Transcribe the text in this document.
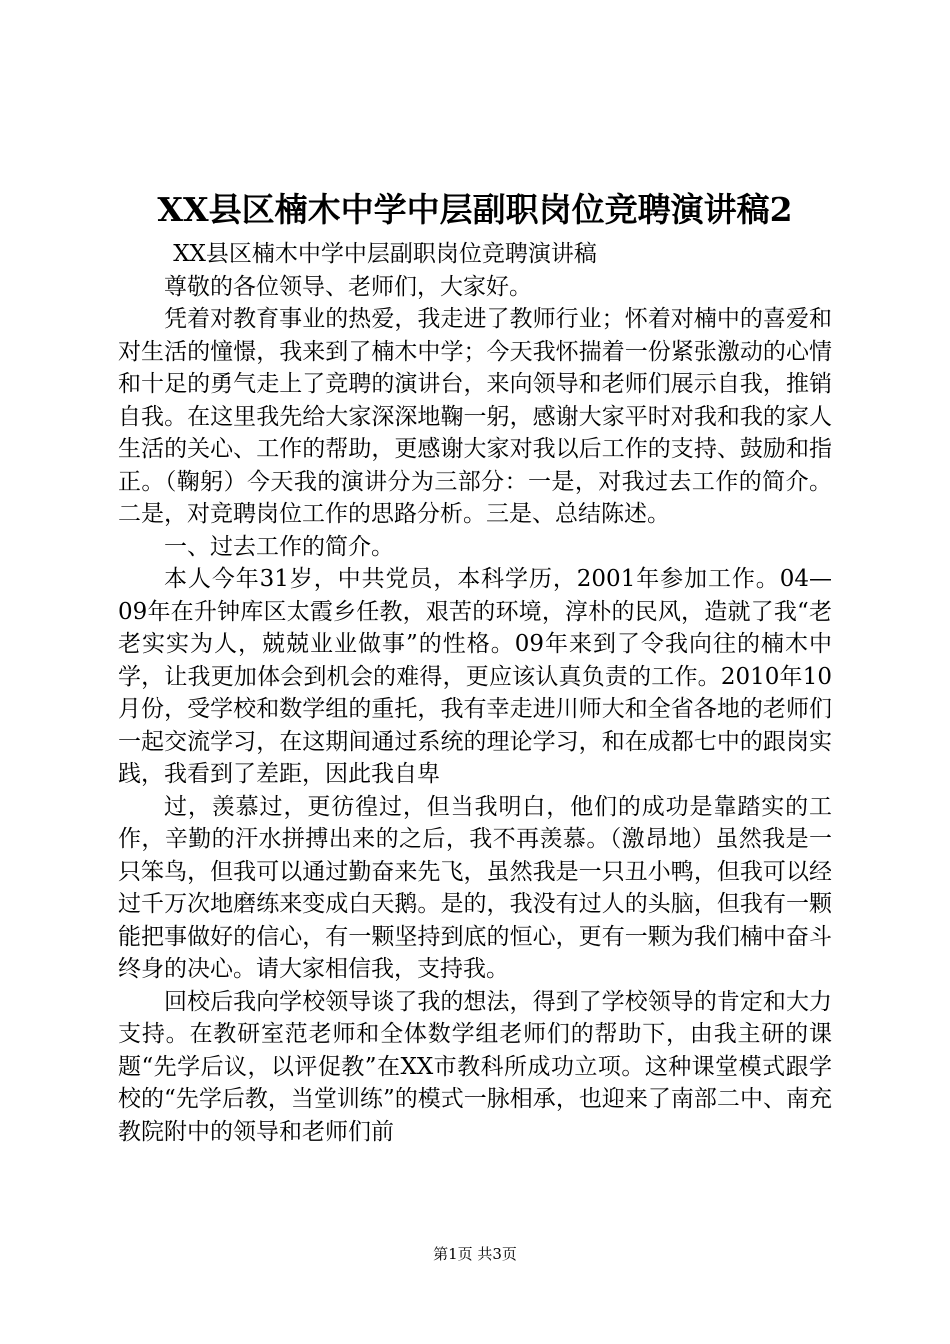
XX县区楠木中学中层副职岗位竞聘演讲稿2

XX县区楠木中学中层副职岗位竞聘演讲稿

尊敬的各位领导、老师们，大家好。

凭着对教育事业的热爱，我走进了教师行业；怀着对楠中的喜爱和对生活的憧憬，我来到了楠木中学；今天我怀揣着一份紧张激动的心情和十足的勇气走上了竞聘的演讲台，来向领导和老师们展示自我，推销自我。在这里我先给大家深深地鞠一躬，感谢大家平时对我和我的家人生活的关心、工作的帮助，更感谢大家对我以后工作的支持、鼓励和指正。（鞠躬）今天我的演讲分为三部分：一是，对我过去工作的简介。二是，对竞聘岗位工作的思路分析。三是、总结陈述。

一、过去工作的简介。

本人今年31岁，中共党员，本科学历，2001年参加工作。04—09年在升钟库区太霞乡任教，艰苦的环境，淳朴的民风，造就了我“老老实实为人，兢兢业业做事”的性格。09年来到了令我向往的楠木中学，让我更加体会到机会的难得，更应该认真负责的工作。2010年10月份，受学校和数学组的重托，我有幸走进川师大和全省各地的老师们一起交流学习，在这期间通过系统的理论学习，和在成都七中的跟岗实践，我看到了差距，因此我自卑

过，羡慕过，更彷徨过，但当我明白，他们的成功是靠踏实的工作，辛勤的汗水拼搏出来的之后，我不再羡慕。（激昂地）虽然我是一只笨鸟，但我可以通过勤奋来先飞，虽然我是一只丑小鸭，但我可以经过千万次地磨练来变成白天鹅。是的，我没有过人的头脑，但我有一颗能把事做好的信心，有一颗坚持到底的恒心，更有一颗为我们楠中奋斗终身的决心。请大家相信我，支持我。

回校后我向学校领导谈了我的想法，得到了学校领导的肯定和大力支持。在教研室范老师和全体数学组老师们的帮助下，由我主研的课题“先学后议，以评促教”在XX市教科所成功立项。这种课堂模式跟学校的“先学后教，当堂训练”的模式一脉相承，也迎来了南部二中、南充教院附中的领导和老师们前

第1页 共3页
